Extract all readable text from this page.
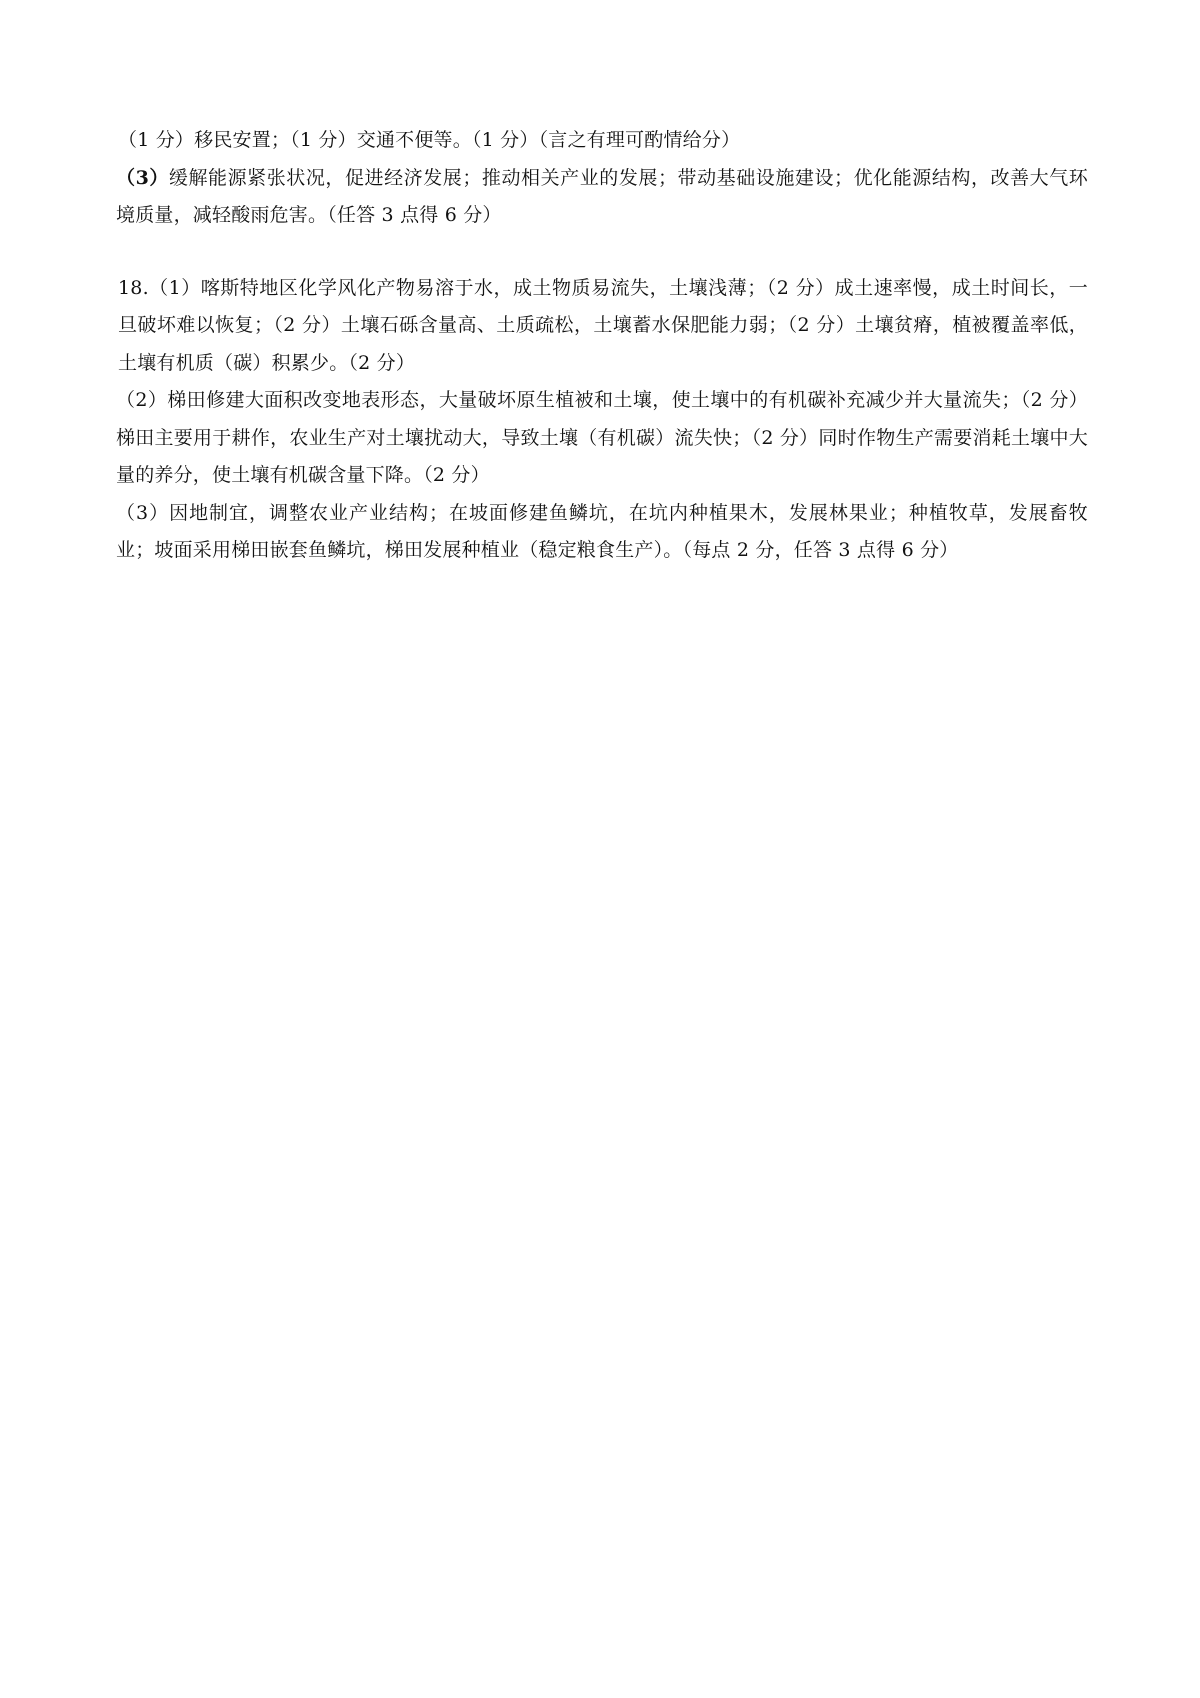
（1 分）移民安置；（1 分）交通不便等。（1 分）（言之有理可酌情给分）

（3）缓解能源紧张状况，促进经济发展；推动相关产业的发展；带动基础设施建设；优化能源结构，改善大气环境质量，减轻酸雨危害。（任答 3 点得 6 分）

18.（1）喀斯特地区化学风化产物易溶于水，成土物质易流失，土壤浅薄；（2 分）成土速率慢，成土时间长，一旦破坏难以恢复；（2 分）土壤石砾含量高、土质疏松，土壤蓄水保肥能力弱；（2 分）土壤贫瘠，植被覆盖率低，土壤有机质（碳）积累少。（2 分）

（2）梯田修建大面积改变地表形态，大量破坏原生植被和土壤，使土壤中的有机碳补充减少并大量流失；（2 分）梯田主要用于耕作，农业生产对土壤扰动大，导致土壤（有机碳）流失快；（2 分）同时作物生产需要消耗土壤中大量的养分，使土壤有机碳含量下降。（2 分）

（3）因地制宜，调整农业产业结构；在坡面修建鱼鳞坑，在坑内种植果木，发展林果业；种植牧草，发展畜牧业；坡面采用梯田嵌套鱼鳞坑，梯田发展种植业（稳定粮食生产）。（每点 2 分，任答 3 点得 6 分）
